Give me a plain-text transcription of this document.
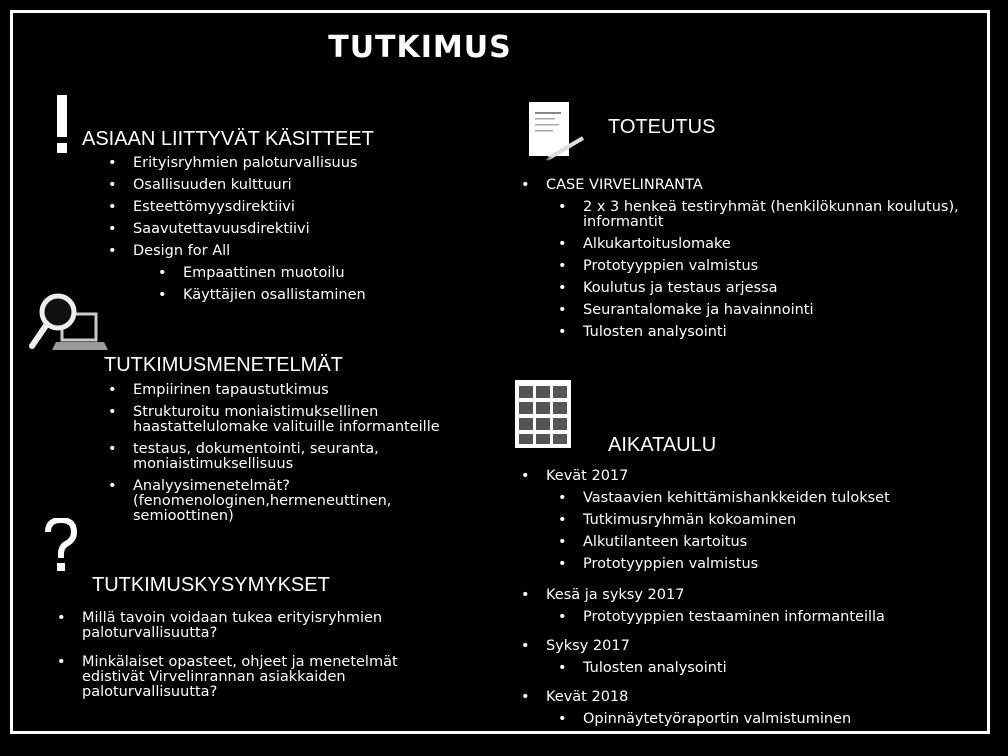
TUTKIMUS
ASIAAN LIITTYVÄT KÄSITTEET
• Erityisryhmien paloturvallisuus
• Osallisuuden kulttuuri
• Esteettömyysdirektiivi
• Saavutettavuusdirektiivi
• Design for All
• Empaattinen muotoilu
• Käyttäjien osallistaminen
TUTKIMUSMENETELMÄT
• Empiirinen tapaustutkimus
• Strukturoitu moniaistimuksellinen
haastattelulomake valituille informanteille
• testaus, dokumentointi, seuranta,
moniaistimuksellisuus
• Analyysimenetelmät?
(fenomenologinen,hermeneuttinen,
semioottinen)
TUTKIMUSKYSYMYKSET
• Millä tavoin voidaan tukea erityisryhmien
paloturvallisuutta?
• Minkälaiset opasteet, ohjeet ja menetelmät
edistivät Virvelinrannan asiakkaiden
paloturvallisuutta?
TOTEUTUS
• CASE VIRVELINRANTA
• 2 x 3 henkeä testiryhmät (henkilökunnan koulutus),
informantit
• Alkukartoituslomake
• Prototyyppien valmistus
• Koulutus ja testaus arjessa
• Seurantalomake ja havainnointi
• Tulosten analysointi
AIKATAULU
• Kevät 2017
• Vastaavien kehittämishankkeiden tulokset
• Tutkimusryhmän kokoaminen
• Alkutilanteen kartoitus
• Prototyyppien valmistus
• Kesä ja syksy 2017
• Prototyyppien testaaminen informanteilla
• Syksy 2017
• Tulosten analysointi
• Kevät 2018
• Opinnäytetyöraportin valmistuminen
